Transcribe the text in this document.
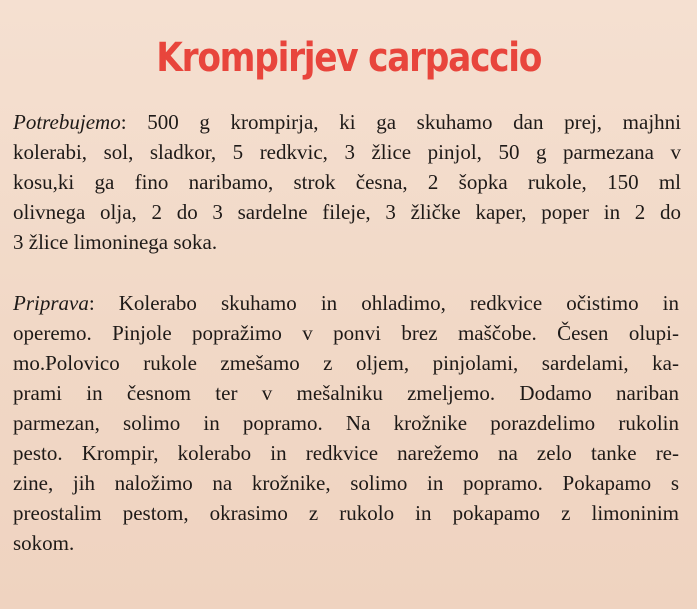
Krompirjev carpaccio
Potrebujemo: 500 g krompirja, ki ga skuhamo dan prej, majhni
kolerabi, sol, sladkor, 5 redkvic, 3 žlice pinjol, 50 g parmezana v
kosu,ki ga fino naribamo, strok česna, 2 šopka rukole, 150 ml
olivnega olja, 2 do 3 sardelne fileje, 3 žličke kaper, poper in 2 do
3 žlice limoninega soka.
Priprava: Kolerabo skuhamo in ohladimo, redkvice očistimo in
operemo. Pinjole popražimo v ponvi brez maščobe. Česen olupi-
mo.Polovico rukole zmešamo z oljem, pinjolami, sardelami, ka-
prami in česnom ter v mešalniku zmeljemo. Dodamo nariban
parmezan, solimo in popramo. Na krožnike porazdelimo rukolin
pesto. Krompir, kolerabo in redkvice narežemo na zelo tanke re-
zine, jih naložimo na krožnike, solimo in popramo. Pokapamo s
preostalim pestom, okrasimo z rukolo in pokapamo z limoninim
sokom.
